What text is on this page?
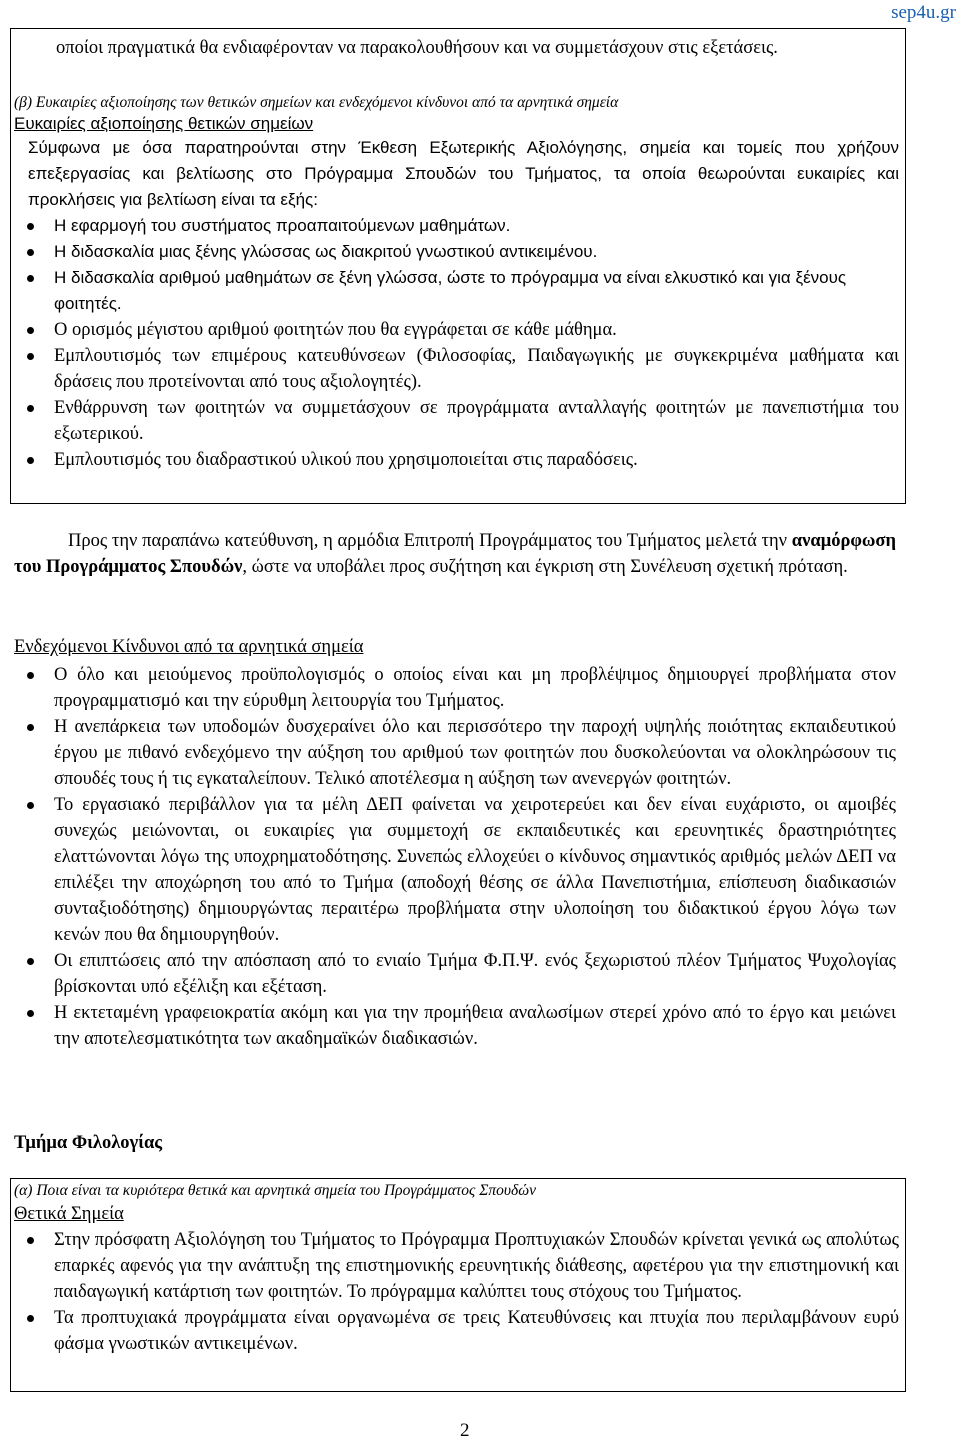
sep4u.gr

οποίοι πραγματικά θα ενδιαφέρονταν να παρακολουθήσουν και να συμμετάσχουν στις εξετάσεις.

(β) Ευκαιρίες αξιοποίησης των θετικών σημείων και ενδεχόμενοι κίνδυνοι από τα αρνητικά σημεία

Ευκαιρίες αξιοποίησης θετικών σημείων

Σύμφωνα με όσα παρατηρούνται στην Έκθεση Εξωτερικής Αξιολόγησης, σημεία και τομείς που χρήζουν επεξεργασίας και βελτίωσης στο Πρόγραμμα Σπουδών του Τμήματος, τα οποία θεωρούνται ευκαιρίες και προκλήσεις για βελτίωση είναι τα εξής:

Η εφαρμογή του συστήματος προαπαιτούμενων μαθημάτων.
Η διδασκαλία μιας ξένης γλώσσας ως διακριτού γνωστικού αντικειμένου.
Η διδασκαλία αριθμού μαθημάτων σε ξένη γλώσσα, ώστε το πρόγραμμα να είναι ελκυστικό και για ξένους φοιτητές.
Ο ορισμός μέγιστου αριθμού φοιτητών που θα εγγράφεται σε κάθε μάθημα.
Εμπλουτισμός των επιμέρους κατευθύνσεων (Φιλοσοφίας, Παιδαγωγικής με συγκεκριμένα μαθήματα και δράσεις που προτείνονται από τους αξιολογητές).
Ενθάρρυνση των φοιτητών να συμμετάσχουν σε προγράμματα ανταλλαγής φοιτητών με πανεπιστήμια του εξωτερικού.
Εμπλουτισμός του διαδραστικού υλικού που χρησιμοποιείται στις παραδόσεις.

Προς την παραπάνω κατεύθυνση, η αρμόδια Επιτροπή Προγράμματος του Τμήματος μελετά την αναμόρφωση του Προγράμματος Σπουδών, ώστε να υποβάλει προς συζήτηση και έγκριση στη Συνέλευση σχετική πρόταση.

Ενδεχόμενοι Κίνδυνοι από τα αρνητικά σημεία

Ο όλο και μειούμενος προϋπολογισμός ο οποίος είναι και μη προβλέψιμος δημιουργεί προβλήματα στον προγραμματισμό και την εύρυθμη λειτουργία του Τμήματος.
Η ανεπάρκεια των υποδομών δυσχεραίνει όλο και περισσότερο την παροχή υψηλής ποιότητας εκπαιδευτικού έργου με πιθανό ενδεχόμενο την αύξηση του αριθμού των φοιτητών που δυσκολεύονται να ολοκληρώσουν τις σπουδές τους ή τις εγκαταλείπουν. Τελικό αποτέλεσμα η αύξηση των ανενεργών φοιτητών.
Το εργασιακό περιβάλλον για τα μέλη ΔΕΠ φαίνεται να χειροτερεύει και δεν είναι ευχάριστο, οι αμοιβές συνεχώς μειώνονται, οι ευκαιρίες για συμμετοχή σε εκπαιδευτικές και ερευνητικές δραστηριότητες ελαττώνονται λόγω της υποχρηματοδότησης. Συνεπώς ελλοχεύει ο κίνδυνος σημαντικός αριθμός μελών ΔΕΠ να επιλέξει την αποχώρηση του από το Τμήμα (αποδοχή θέσης σε άλλα Πανεπιστήμια, επίσπευση διαδικασιών συνταξιοδότησης) δημιουργώντας περαιτέρω προβλήματα στην υλοποίηση του διδακτικού έργου λόγω των κενών που θα δημιουργηθούν.
Οι επιπτώσεις από την απόσπαση από το ενιαίο Τμήμα Φ.Π.Ψ. ενός ξεχωριστού πλέον Τμήματος Ψυχολογίας βρίσκονται υπό εξέλιξη και εξέταση.
Η εκτεταμένη γραφειοκρατία ακόμη και για την προμήθεια αναλωσίμων στερεί χρόνο από το έργο και μειώνει την αποτελεσματικότητα των ακαδημαϊκών διαδικασιών.

Τμήμα Φιλολογίας

(α) Ποια είναι τα κυριότερα θετικά και αρνητικά σημεία του Προγράμματος Σπουδών

Θετικά Σημεία

Στην πρόσφατη Αξιολόγηση του Τμήματος το Πρόγραμμα Προπτυχιακών Σπουδών κρίνεται γενικά ως απολύτως επαρκές αφενός για την ανάπτυξη της επιστημονικής ερευνητικής διάθεσης, αφετέρου για την επιστημονική και παιδαγωγική κατάρτιση των φοιτητών. Το πρόγραμμα καλύπτει τους στόχους του Τμήματος.
Τα προπτυχιακά προγράμματα είναι οργανωμένα σε τρεις Κατευθύνσεις και πτυχία που περιλαμβάνουν ευρύ φάσμα γνωστικών αντικειμένων.
2
